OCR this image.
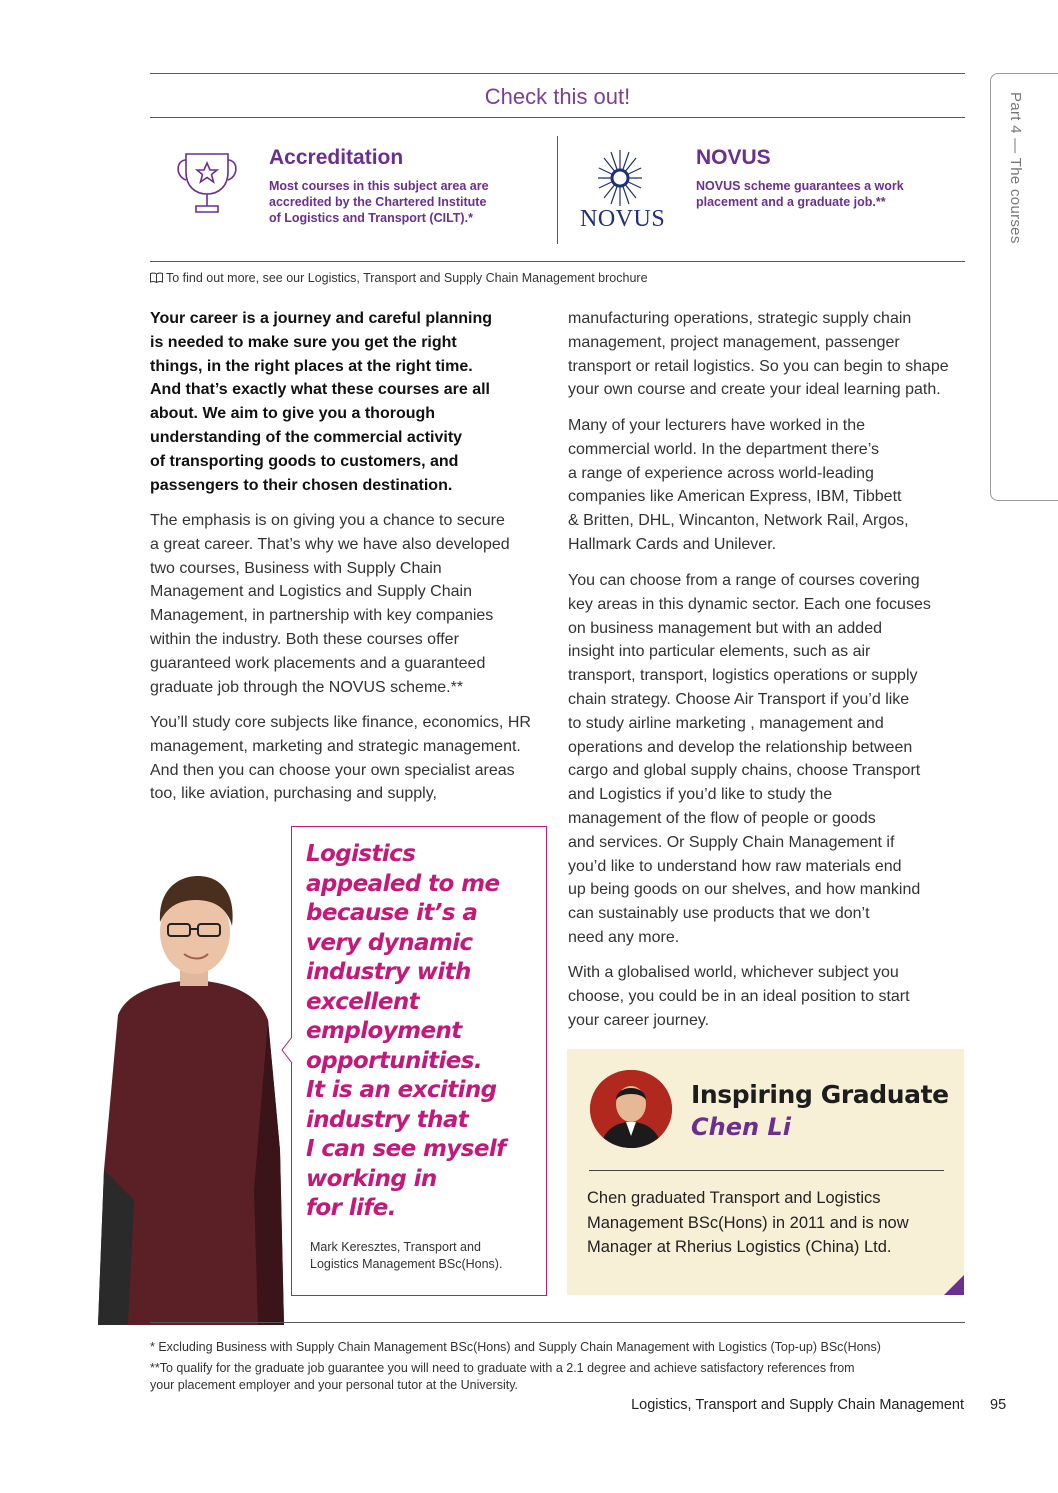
Part 4 — The courses
Check this out!
Accreditation
Most courses in this subject area are
accredited by the Chartered Institute
of Logistics and Transport (CILT).*	NOVUS
NOVUS
NOVUS scheme guarantees a work
placement and a graduate job.**
To find out more, see our Logistics, Transport and Supply Chain Management brochure
Your career is a journey and careful planning
is needed to make sure you get the right
things, in the right places at the right time.
And that’s exactly what these courses are all
about. We aim to give you a thorough
understanding of the commercial activity
of transporting goods to customers, and
passengers to their chosen destination.
The emphasis is on giving you a chance to secure
a great career. That’s why we have also developed
two courses, Business with Supply Chain
Management and Logistics and Supply Chain
Management, in partnership with key companies
within the industry. Both these courses offer
guaranteed work placements and a guaranteed
graduate job through the NOVUS scheme.**
You’ll study core subjects like finance, economics, HR
management, marketing and strategic management.
And then you can choose your own specialist areas
too, like aviation, purchasing and supply,
manufacturing operations, strategic supply chain
management, project management, passenger
transport or retail logistics. So you can begin to shape
your own course and create your ideal learning path.
Many of your lecturers have worked in the
commercial world. In the department there’s
a range of experience across world-leading
companies like American Express, IBM, Tibbett
& Britten, DHL, Wincanton, Network Rail, Argos,
Hallmark Cards and Unilever.
You can choose from a range of courses covering
key areas in this dynamic sector. Each one focuses
on business management but with an added
insight into particular elements, such as air
transport, transport, logistics operations or supply
chain strategy. Choose Air Transport if you’d like
to study airline marketing , management and
operations and develop the relationship between
cargo and global supply chains, choose Transport
and Logistics if you’d like to study the
management of the flow of people or goods
and services. Or Supply Chain Management if
you’d like to understand how raw materials end
up being goods on our shelves, and how mankind
can sustainably use products that we don’t
need any more.
With a globalised world, whichever subject you
choose, you could be in an ideal position to start
your career journey.
Logistics
appealed to me
because it’s a
very dynamic
industry with
excellent
employment
opportunities.
It is an exciting
industry that
I can see myself
working in
for life.
Mark Keresztes, Transport and
Logistics Management BSc(Hons).
Inspiring Graduate
Chen Li
Chen graduated Transport and Logistics
Management BSc(Hons) in 2011 and is now
Manager at Rherius Logistics (China) Ltd.
* Excluding Business with Supply Chain Management BSc(Hons) and Supply Chain Management with Logistics (Top-up) BSc(Hons)
**To qualify for the graduate job guarantee you will need to graduate with a 2.1 degree and achieve satisfactory references from
your placement employer and your personal tutor at the University.
Logistics, Transport and Supply Chain Management 95
